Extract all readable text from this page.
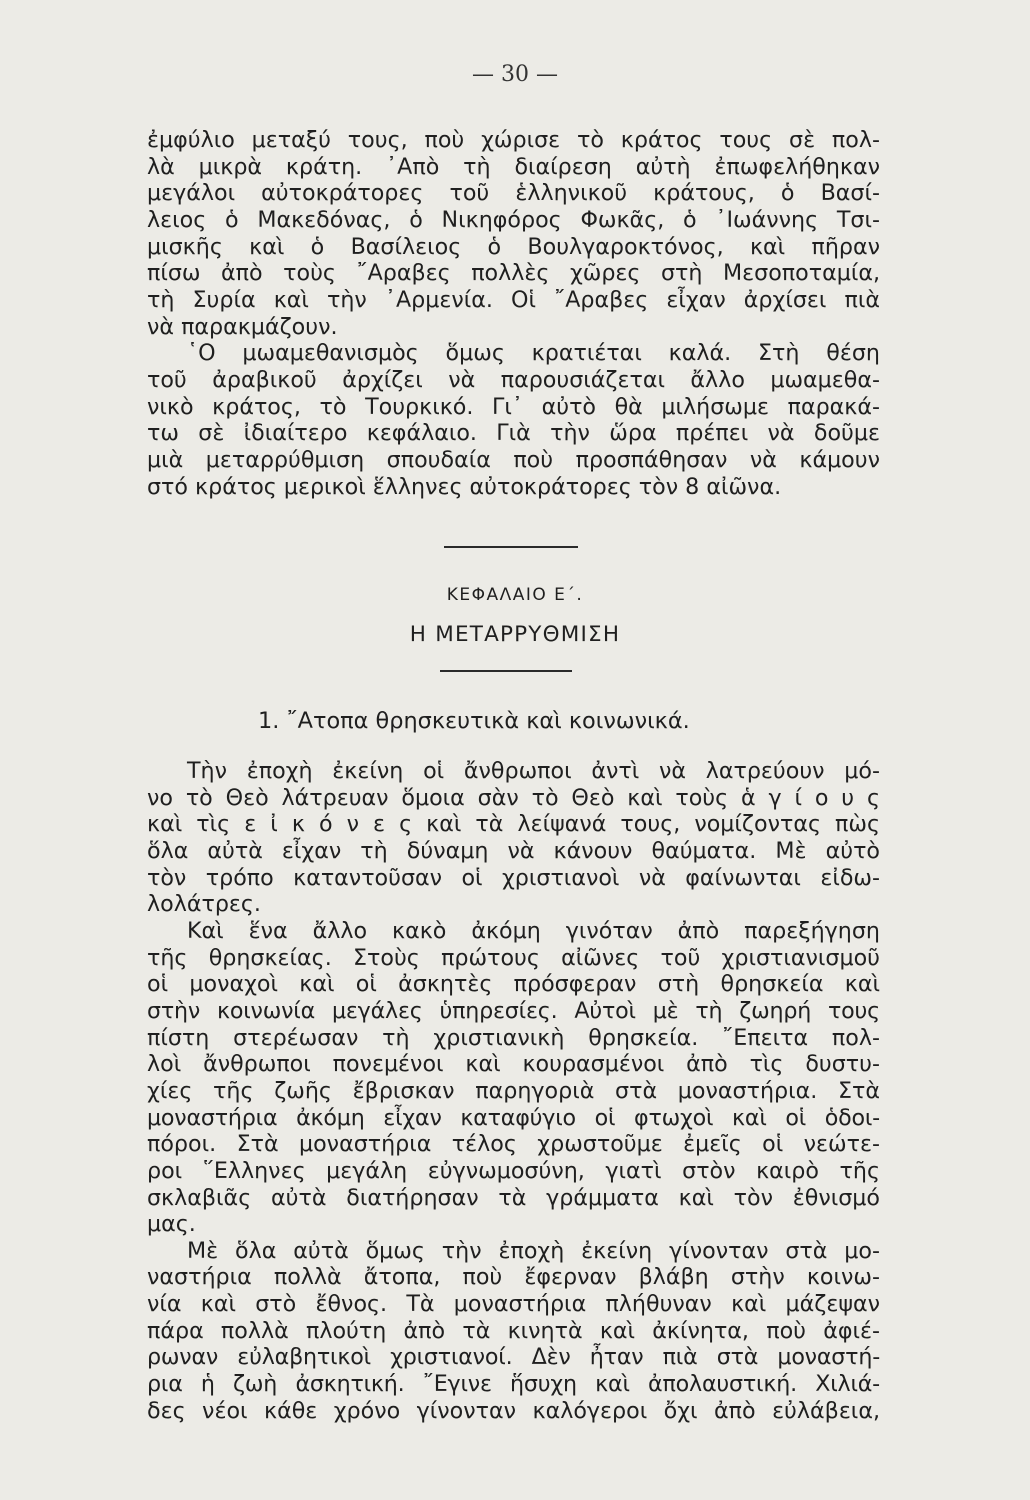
— 30 —
ἐμφύλιο μεταξύ τους, ποὺ χώρισε τὸ κράτος τους σὲ πολ-
λὰ μικρὰ κράτη. ᾿Απὸ τὴ διαίρεση αὐτὴ ἐπωφελήθηκαν
μεγάλοι αὐτοκράτορες τοῦ ἑλληνικοῦ κράτους, ὁ Βασί-
λειος ὁ Μακεδόνας, ὁ Νικηφόρος Φωκᾶς, ὁ ᾿Ιωάννης Τσι-
μισκῆς καὶ ὁ Βασίλειος ὁ Βουλγαροκτόνος, καὶ πῆραν
πίσω ἀπὸ τοὺς ῎Αραβες πολλὲς χῶρες στὴ Μεσοποταμία,
τὴ Συρία καὶ τὴν ᾿Αρμενία. Οἱ ῎Αραβες εἶχαν ἀρχίσει πιὰ
νὰ παρακμάζουν.
῾Ο μωαμεθανισμὸς ὅμως κρατιέται καλά. Στὴ θέση
τοῦ ἀραβικοῦ ἀρχίζει νὰ παρουσιάζεται ἄλλο μωαμεθα-
νικὸ κράτος, τὸ Τουρκικό. Γι᾿ αὐτὸ θὰ μιλήσωμε παρακά-
τω σὲ ἰδιαίτερο κεφάλαιο. Γιὰ τὴν ὥρα πρέπει νὰ δοῦμε
μιὰ μεταρρύθμιση σπουδαία ποὺ προσπάθησαν νὰ κάμουν
στό κράτος μερικοὶ ἕλληνες αὐτοκράτορες τὸν 8 αἰῶνα.
ΚΕΦΑΛΑΙΟ Ε΄.
Η ΜΕΤΑΡΡΥΘΜΙΣΗ
1. ῎Ατοπα θρησκευτικὰ καὶ κοινωνικά.
Τὴν ἐποχὴ ἐκείνη οἱ ἄνθρωποι ἀντὶ νὰ λατρεύουν μό-
νο τὸ Θεὸ λάτρευαν ὅμοια σὰν τὸ Θεὸ καὶ τοὺς ἁ γ ί ο υ ς
καὶ τὶς ε ἰ κ ό ν ε ς καὶ τὰ λείψανά τους, νομίζοντας πὼς
ὅλα αὐτὰ εἶχαν τὴ δύναμη νὰ κάνουν θαύματα. Μὲ αὐτὸ
τὸν τρόπο καταντοῦσαν οἱ χριστιανοὶ νὰ φαίνωνται εἰδω-
λολάτρες.
Καὶ ἕνα ἄλλο κακὸ ἀκόμη γινόταν ἀπὸ παρεξήγηση
τῆς θρησκείας. Στοὺς πρώτους αἰῶνες τοῦ χριστιανισμοῦ
οἱ μοναχοὶ καὶ οἱ ἀσκητὲς πρόσφεραν στὴ θρησκεία καὶ
στὴν κοινωνία μεγάλες ὑπηρεσίες. Αὐτοὶ μὲ τὴ ζωηρή τους
πίστη στερέωσαν τὴ χριστιανικὴ θρησκεία. ῎Επειτα πολ-
λοὶ ἄνθρωποι πονεμένοι καὶ κουρασμένοι ἀπὸ τὶς δυστυ-
χίες τῆς ζωῆς ἔβρισκαν παρηγοριὰ στὰ μοναστήρια. Στὰ
μοναστήρια ἀκόμη εἶχαν καταφύγιο οἱ φτωχοὶ καὶ οἱ ὁδοι-
πόροι. Στὰ μοναστήρια τέλος χρωστοῦμε ἐμεῖς οἱ νεώτε-
ροι ῞Ελληνες μεγάλη εὐγνωμοσύνη, γιατὶ στὸν καιρὸ τῆς
σκλαβιᾶς αὐτὰ διατήρησαν τὰ γράμματα καὶ τὸν ἐθνισμό
μας.
Μὲ ὅλα αὐτὰ ὅμως τὴν ἐποχὴ ἐκείνη γίνονταν στὰ μο-
ναστήρια πολλὰ ἄτοπα, ποὺ ἔφερναν βλάβη στὴν κοινω-
νία καὶ στὸ ἔθνος. Τὰ μοναστήρια πλήθυναν καὶ μάζεψαν
πάρα πολλὰ πλούτη ἀπὸ τὰ κινητὰ καὶ ἀκίνητα, ποὺ ἀφιέ-
ρωναν εὐλαβητικοὶ χριστιανοί. Δὲν ἦταν πιὰ στὰ μοναστή-
ρια ἡ ζωὴ ἀσκητική. ῎Εγινε ἥσυχη καὶ ἀπολαυστική. Χιλιά-
δες νέοι κάθε χρόνο γίνονταν καλόγεροι ὄχι ἀπὸ εὐλάβεια,
